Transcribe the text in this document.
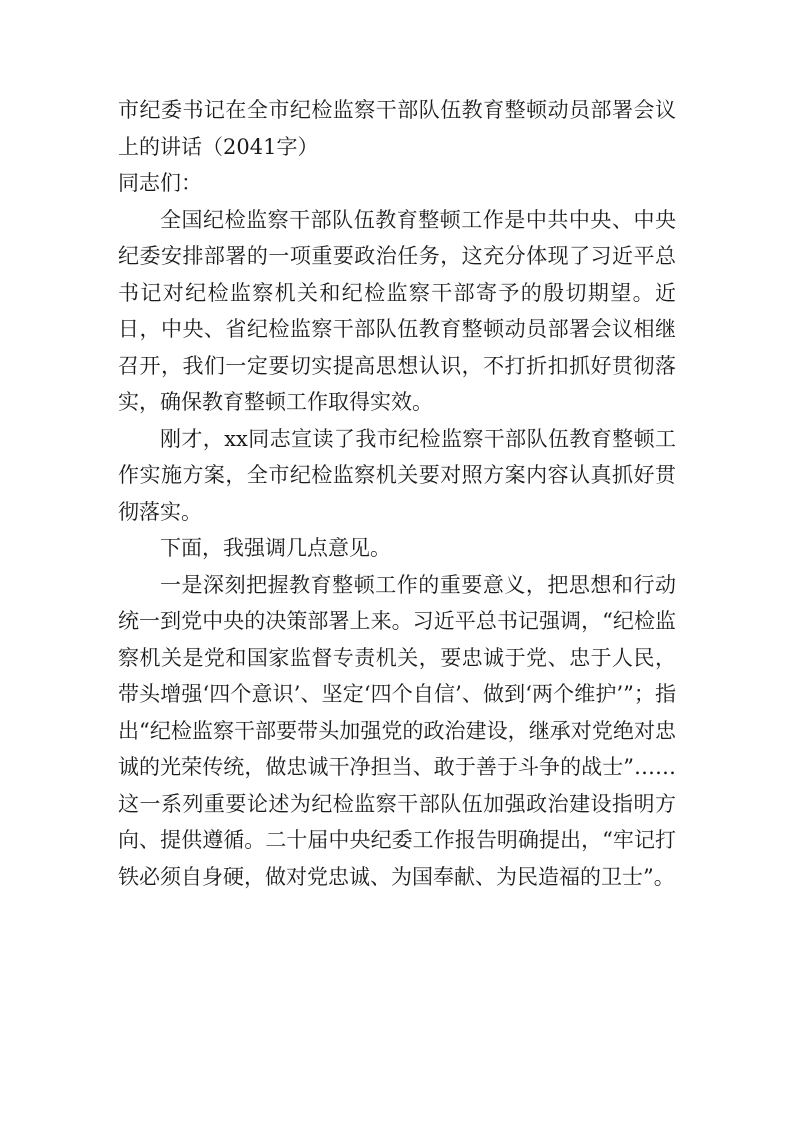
市纪委书记在全市纪检监察干部队伍教育整顿动员部署会议上的讲话（2041字）

同志们：

全国纪检监察干部队伍教育整顿工作是中共中央、中央纪委安排部署的一项重要政治任务，这充分体现了习近平总书记对纪检监察机关和纪检监察干部寄予的殷切期望。近日，中央、省纪检监察干部队伍教育整顿动员部署会议相继召开，我们一定要切实提高思想认识，不打折扣抓好贯彻落实，确保教育整顿工作取得实效。

刚才，xx同志宣读了我市纪检监察干部队伍教育整顿工作实施方案，全市纪检监察机关要对照方案内容认真抓好贯彻落实。

下面，我强调几点意见。

一是深刻把握教育整顿工作的重要意义，把思想和行动统一到党中央的决策部署上来。习近平总书记强调，“纪检监察机关是党和国家监督专责机关，要忠诚于党、忠于人民，带头增强‘四个意识’、坚定‘四个自信’、做到‘两个维护’”；指出“纪检监察干部要带头加强党的政治建设，继承对党绝对忠诚的光荣传统，做忠诚干净担当、敢于善于斗争的战士”……这一系列重要论述为纪检监察干部队伍加强政治建设指明方向、提供遵循。二十届中央纪委工作报告明确提出，“牢记打铁必须自身硬，做对党忠诚、为国奉献、为民造福的卫士”。
